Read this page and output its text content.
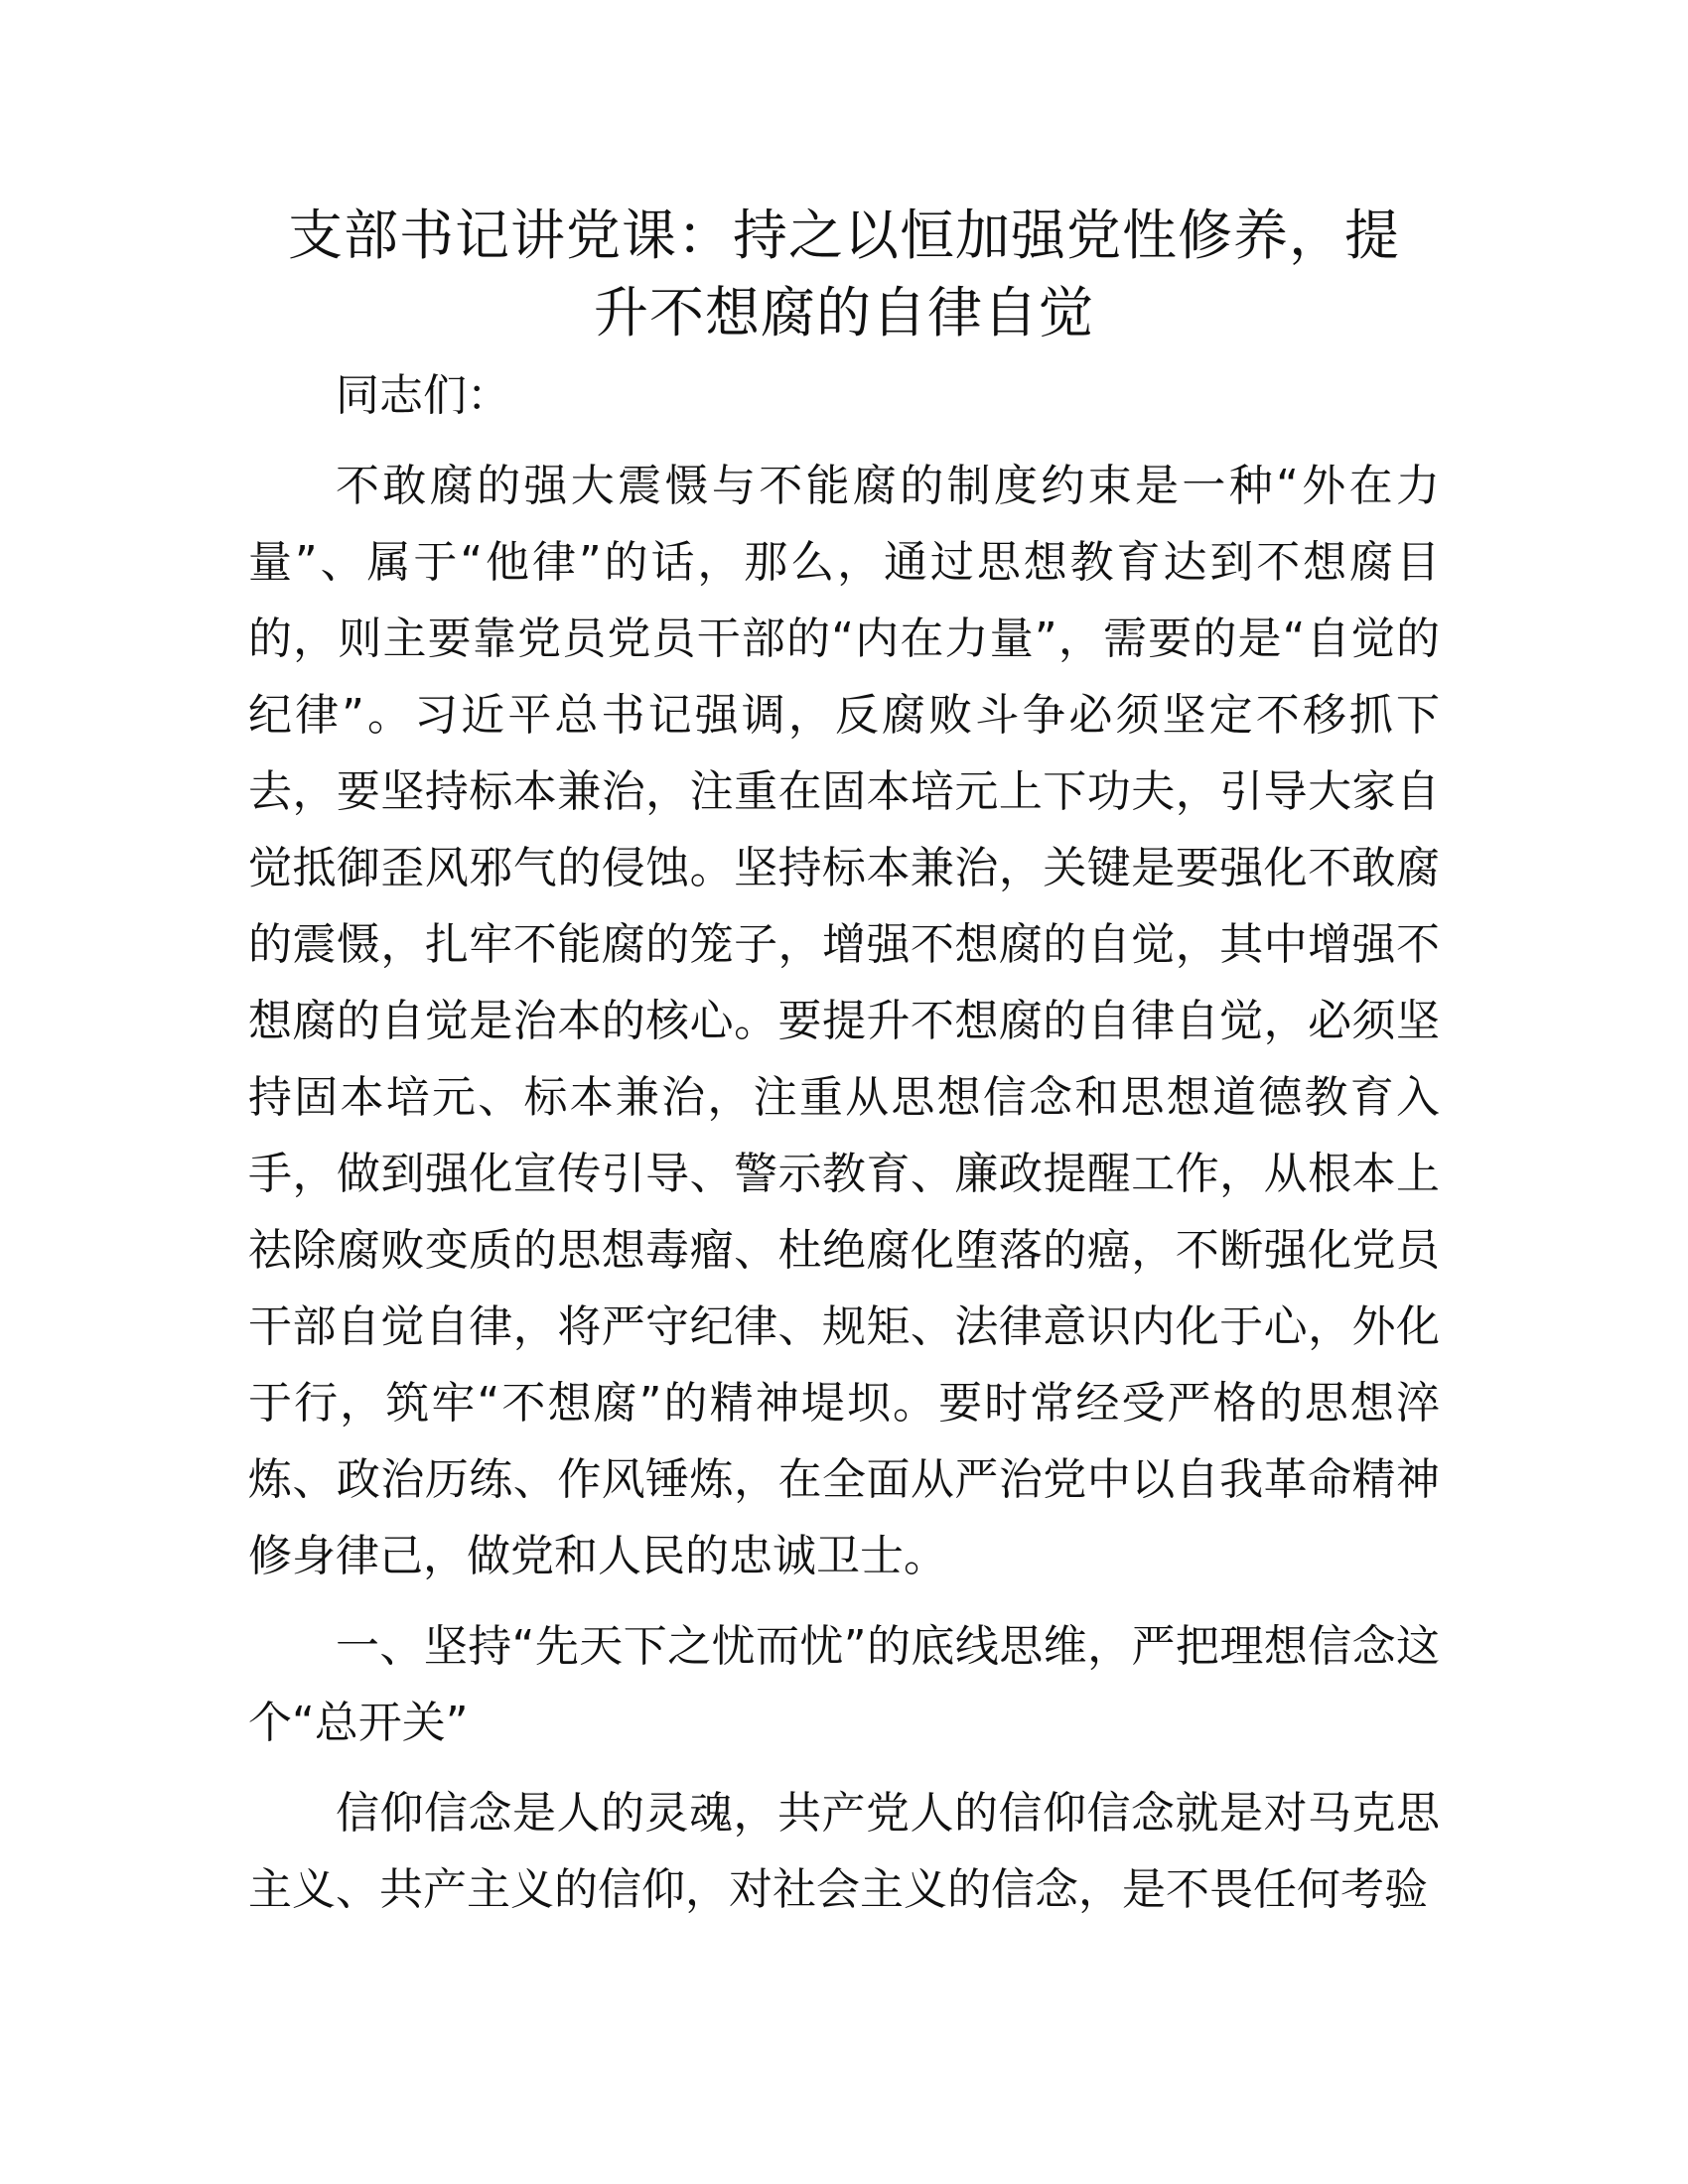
支部书记讲党课：持之以恒加强党性修养，提
升不想腐的自律自觉

同志们：

不敢腐的强大震慑与不能腐的制度约束是一种“外在力量”、属于“他律”的话，那么，通过思想教育达到不想腐目的，则主要靠党员党员干部的“内在力量”，需要的是“自觉的纪律”。习近平总书记强调，反腐败斗争必须坚定不移抓下去，要坚持标本兼治，注重在固本培元上下功夫，引导大家自觉抵御歪风邪气的侵蚀。坚持标本兼治，关键是要强化不敢腐的震慑，扎牢不能腐的笼子，增强不想腐的自觉，其中增强不想腐的自觉是治本的核心。要提升不想腐的自律自觉，必须坚持固本培元、标本兼治，注重从思想信念和思想道德教育入手，做到强化宣传引导、警示教育、廉政提醒工作，从根本上祛除腐败变质的思想毒瘤、杜绝腐化堕落的癌，不断强化党员干部自觉自律，将严守纪律、规矩、法律意识内化于心，外化于行，筑牢“不想腐”的精神堤坝。要时常经受严格的思想淬炼、政治历练、作风锤炼，在全面从严治党中以自我革命精神修身律己，做党和人民的忠诚卫士。

一、坚持“先天下之忧而忧”的底线思维，严把理想信念这个“总开关”

信仰信念是人的灵魂，共产党人的信仰信念就是对马克思主义、共产主义的信仰，对社会主义的信念，是不畏任何考验
